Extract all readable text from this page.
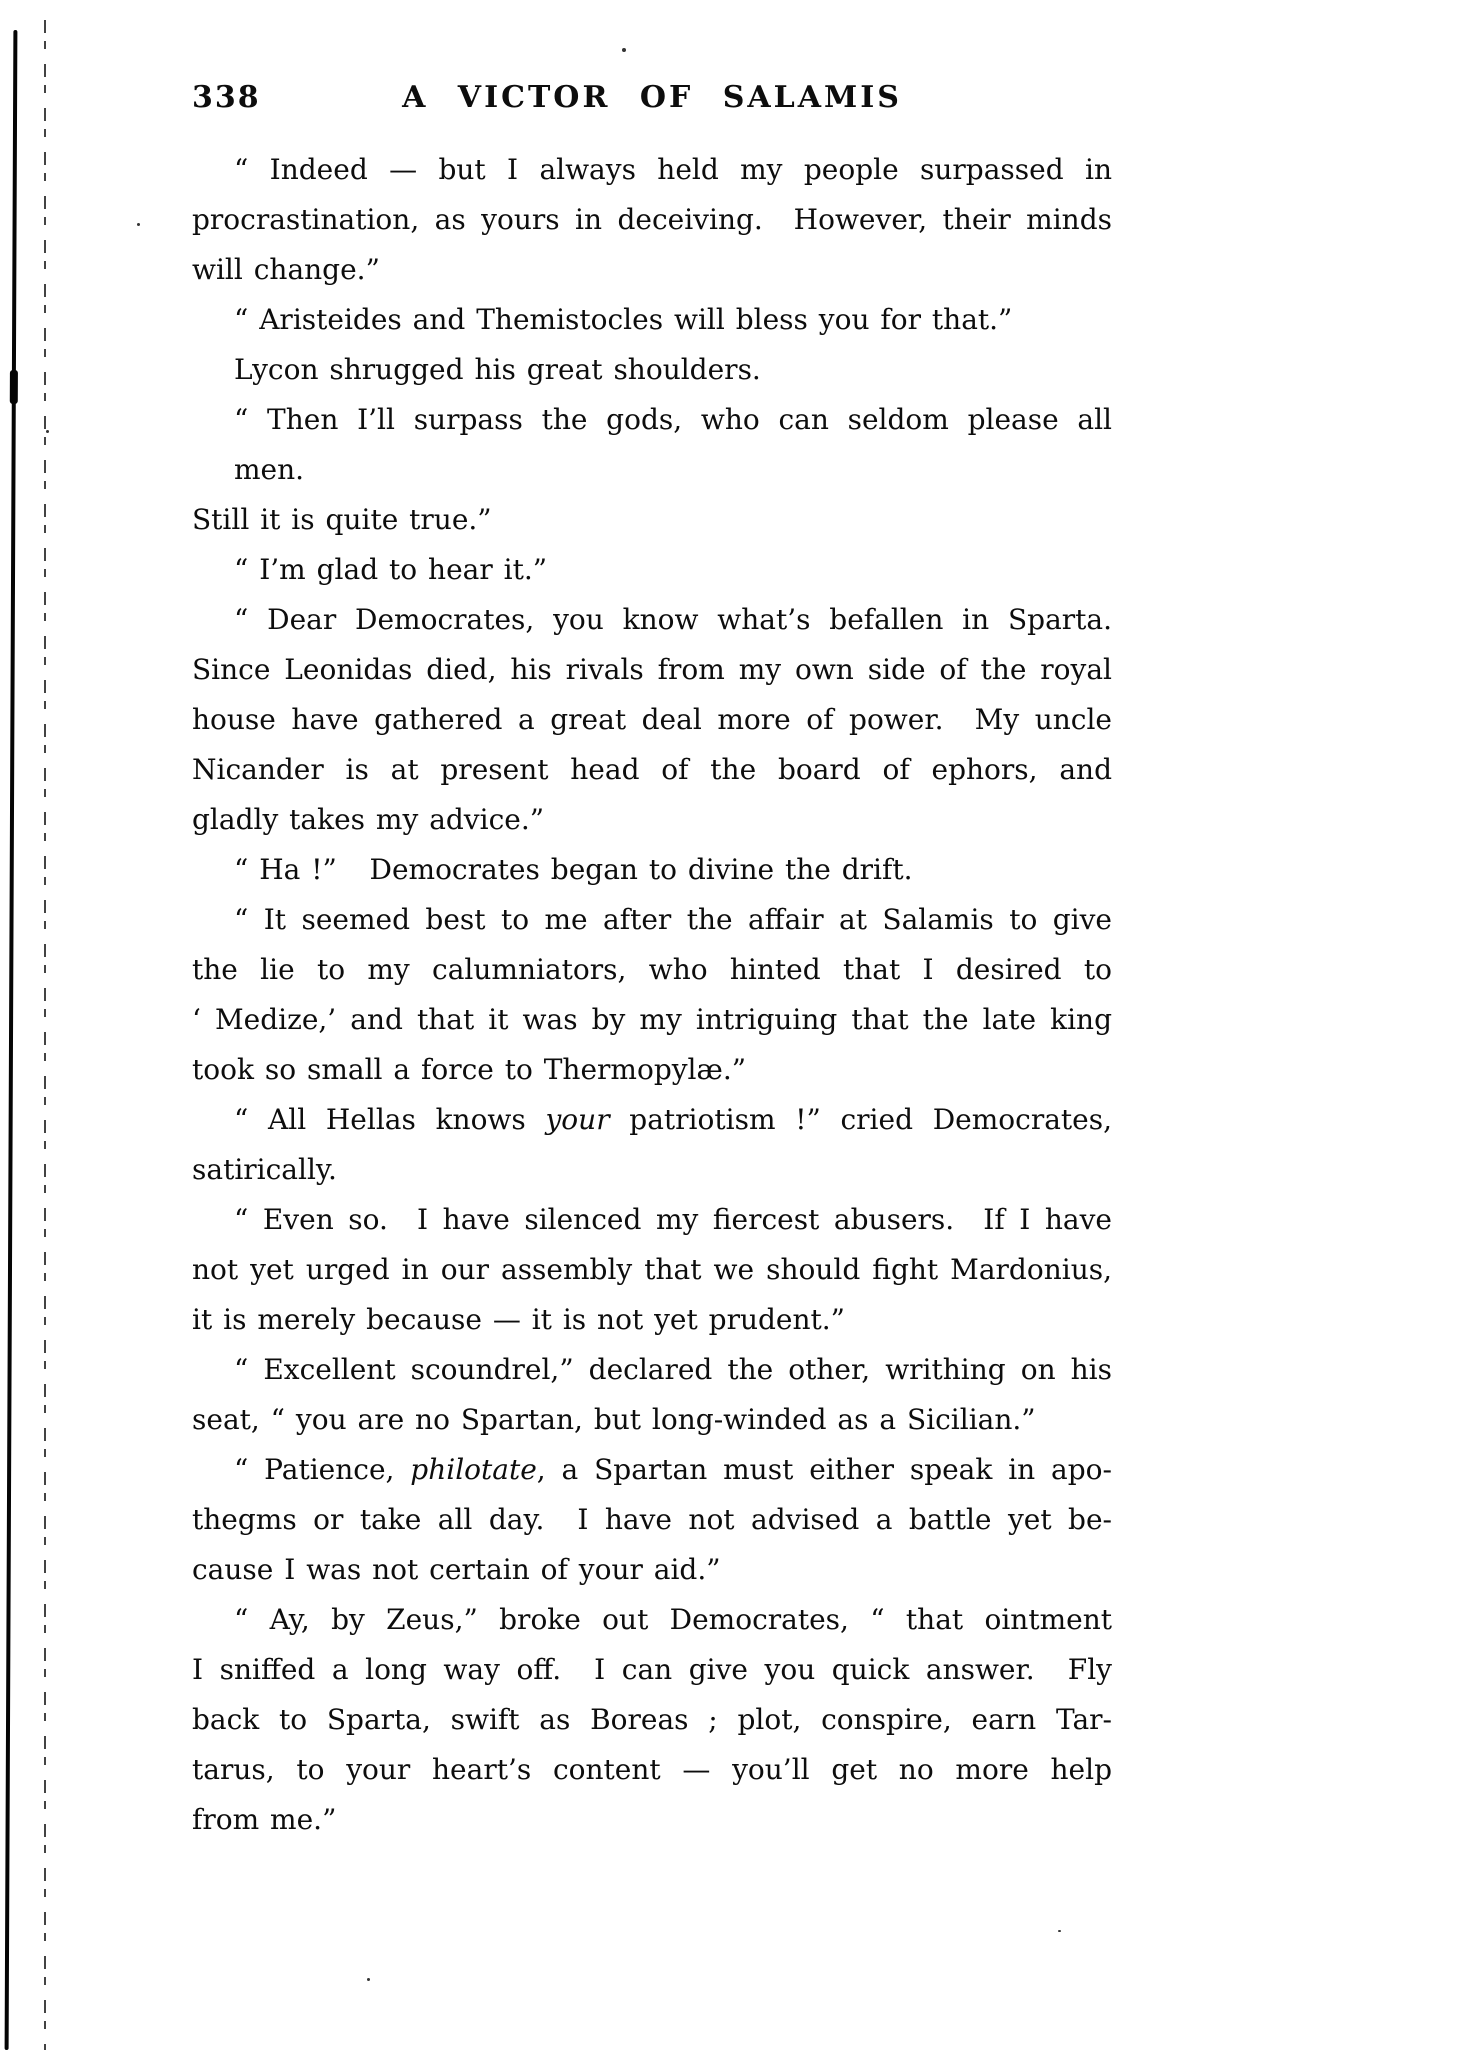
338	A VICTOR OF SALAMIS
“ Indeed — but I always held my people surpassed in
procrastination, as yours in deceiving.  However, their minds
will change.”
“ Aristeides and Themistocles will bless you for that.”
Lycon shrugged his great shoulders.
“ Then I’ll surpass the gods, who can seldom please all men.
Still it is quite true.”
“ I’m glad to hear it.”
“ Dear Democrates, you know what’s befallen in Sparta.
Since Leonidas died, his rivals from my own side of the royal
house have gathered a great deal more of power.  My uncle
Nicander is at present head of the board of ephors, and
gladly takes my advice.”
“ Ha !”   Democrates began to divine the drift.
“ It seemed best to me after the affair at Salamis to give
the lie to my calumniators, who hinted that I desired to
‘ Medize,’ and that it was by my intriguing that the late king
took so small a force to Thermopylæ.”
“ All Hellas knows your patriotism !” cried Democrates,
satirically.
“ Even so.  I have silenced my fiercest abusers.  If I have
not yet urged in our assembly that we should fight Mardonius,
it is merely because — it is not yet prudent.”
“ Excellent scoundrel,” declared the other, writhing on his
seat, “ you are no Spartan, but long-winded as a Sicilian.”
“ Patience, philotate, a Spartan must either speak in apo-
thegms or take all day.  I have not advised a battle yet be-
cause I was not certain of your aid.”
“ Ay, by Zeus,” broke out Democrates, “ that ointment
I sniffed a long way off.  I can give you quick answer.  Fly
back to Sparta, swift as Boreas ; plot, conspire, earn Tar-
tarus, to your heart’s content — you’ll get no more help
from me.”
